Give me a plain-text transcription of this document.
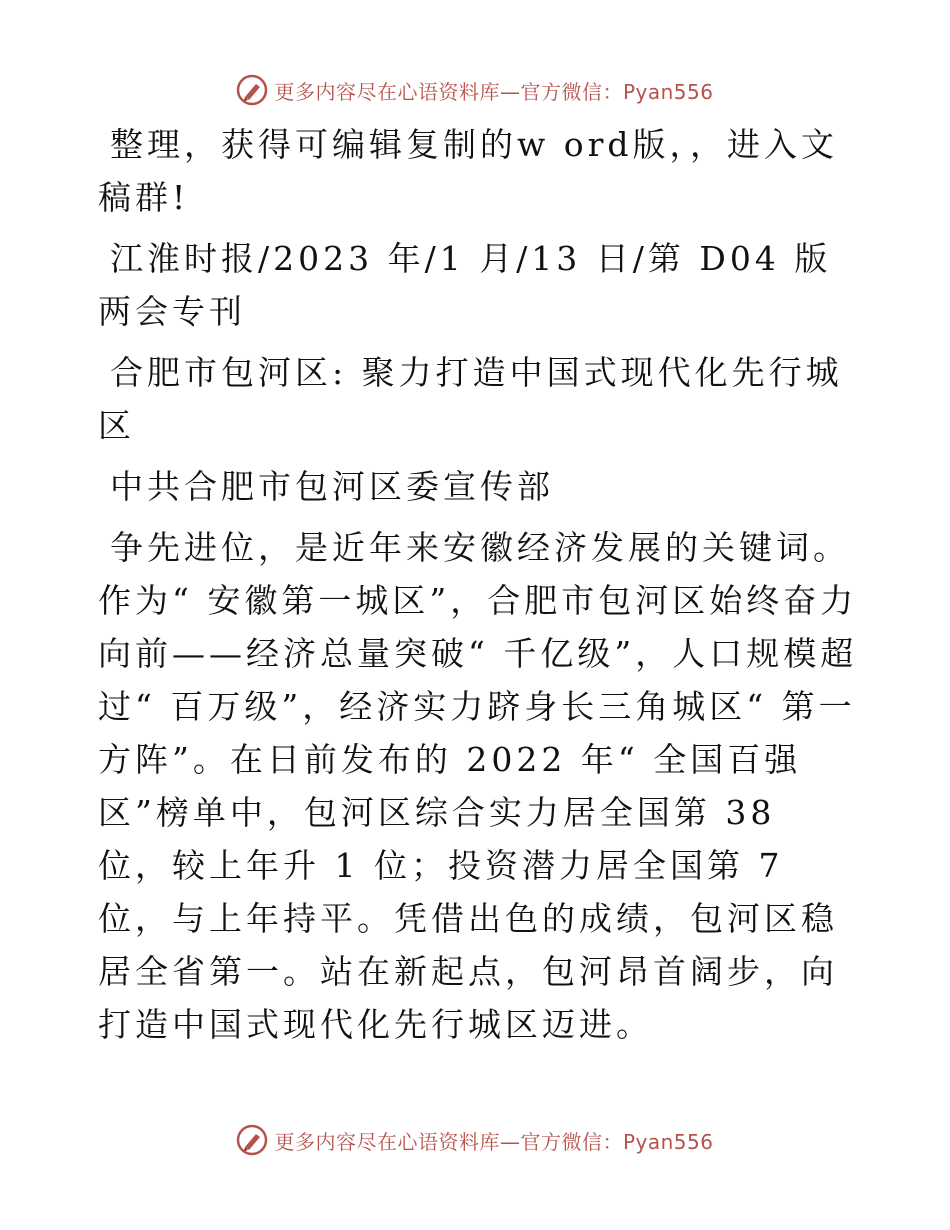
更多内容尽在心语资料库—官方微信：Pyan556

整理，获得可编辑复制的w ord版，，进入文稿群!

江淮时报/2023 年/1 月/13 日/第 D04 版两会专刊

合肥市包河区: 聚力打造中国式现代化先行城区

中共合肥市包河区委宣传部

争先进位，是近年来安徽经济发展的关键词。作为“ 安徽第一城区”，合肥市包河区始终奋力向前——经济总量突破“ 千亿级”，人口规模超过“ 百万级”，经济实力跻身长三角城区“ 第一方阵”。在日前发布的 2022 年“ 全国百强区”榜单中，包河区综合实力居全国第 38 位，较上年升 1 位；投资潜力居全国第 7 位，与上年持平。凭借出色的成绩，包河区稳居全省第一。站在新起点，包河昂首阔步，向打造中国式现代化先行城区迈进。

更多内容尽在心语资料库—官方微信：Pyan556
